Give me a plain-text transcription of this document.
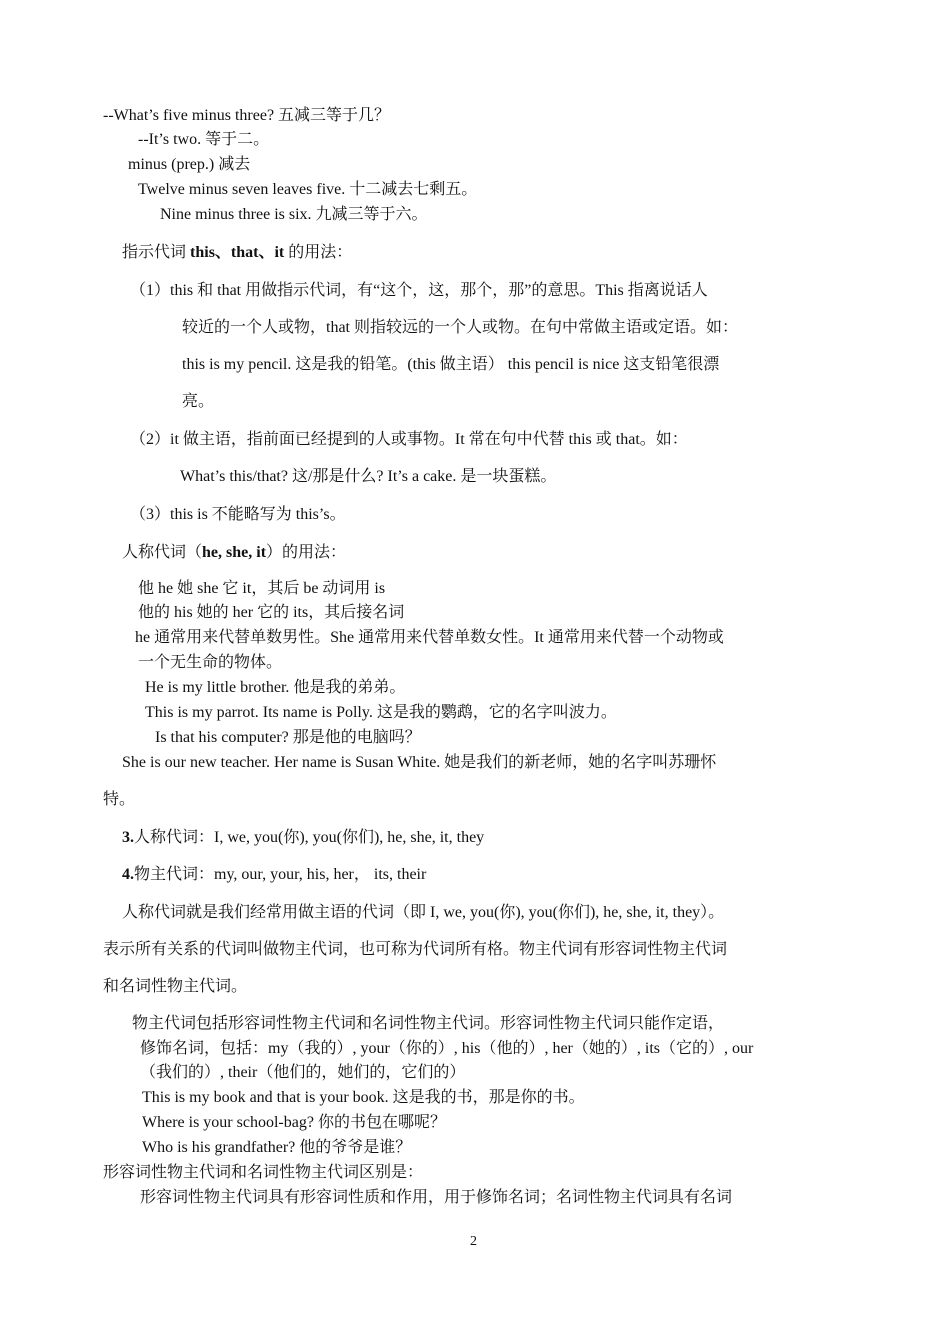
--What’s five minus three? 五减三等于几？
--It’s two. 等于二。
minus (prep.) 减去
Twelve minus seven leaves five. 十二减去七剩五。
Nine minus three is six. 九减三等于六。
指示代词 this、that、it 的用法：
（1）this 和 that 用做指示代词，有“这个，这，那个，那”的意思。This 指离说话人
较近的一个人或物，that 则指较远的一个人或物。在句中常做主语或定语。如：
this is my pencil. 这是我的铅笔。(this 做主语） this pencil is nice 这支铅笔很漂
亮。
（2）it 做主语，指前面已经提到的人或事物。It 常在句中代替 this 或 that。如：
What’s this/that? 这/那是什么? It’s a cake. 是一块蛋糕。
（3）this is 不能略写为 this’s。
人称代词（he, she, it）的用法：
他 he 她 she 它 it，其后 be 动词用 is
他的 his 她的 her 它的 its，其后接名词
he 通常用来代替单数男性。She 通常用来代替单数女性。It 通常用来代替一个动物或
一个无生命的物体。
He is my little brother. 他是我的弟弟。
This is my parrot. Its name is Polly. 这是我的鹦鹉，它的名字叫波力。
Is that his computer? 那是他的电脑吗？
She is our new teacher. Her name is Susan White. 她是我们的新老师，她的名字叫苏珊怀
特。
3.人称代词：I, we, you(你), you(你们), he, she, it, they
4.物主代词：my, our, your, his, her， its, their
人称代词就是我们经常用做主语的代词（即 I, we, you(你), you(你们), he, she, it, they）。
表示所有关系的代词叫做物主代词，也可称为代词所有格。物主代词有形容词性物主代词
和名词性物主代词。
物主代词包括形容词性物主代词和名词性物主代词。形容词性物主代词只能作定语，
修饰名词，包括：my（我的）, your（你的）, his（他的）, her（她的）, its（它的）, our
（我们的）, their（他们的，她们的，它们的）
This is my book and that is your book. 这是我的书，那是你的书。
Where is your school-bag? 你的书包在哪呢？
Who is his grandfather? 他的爷爷是谁？
形容词性物主代词和名词性物主代词区别是：
形容词性物主代词具有形容词性质和作用，用于修饰名词；名词性物主代词具有名词
2
